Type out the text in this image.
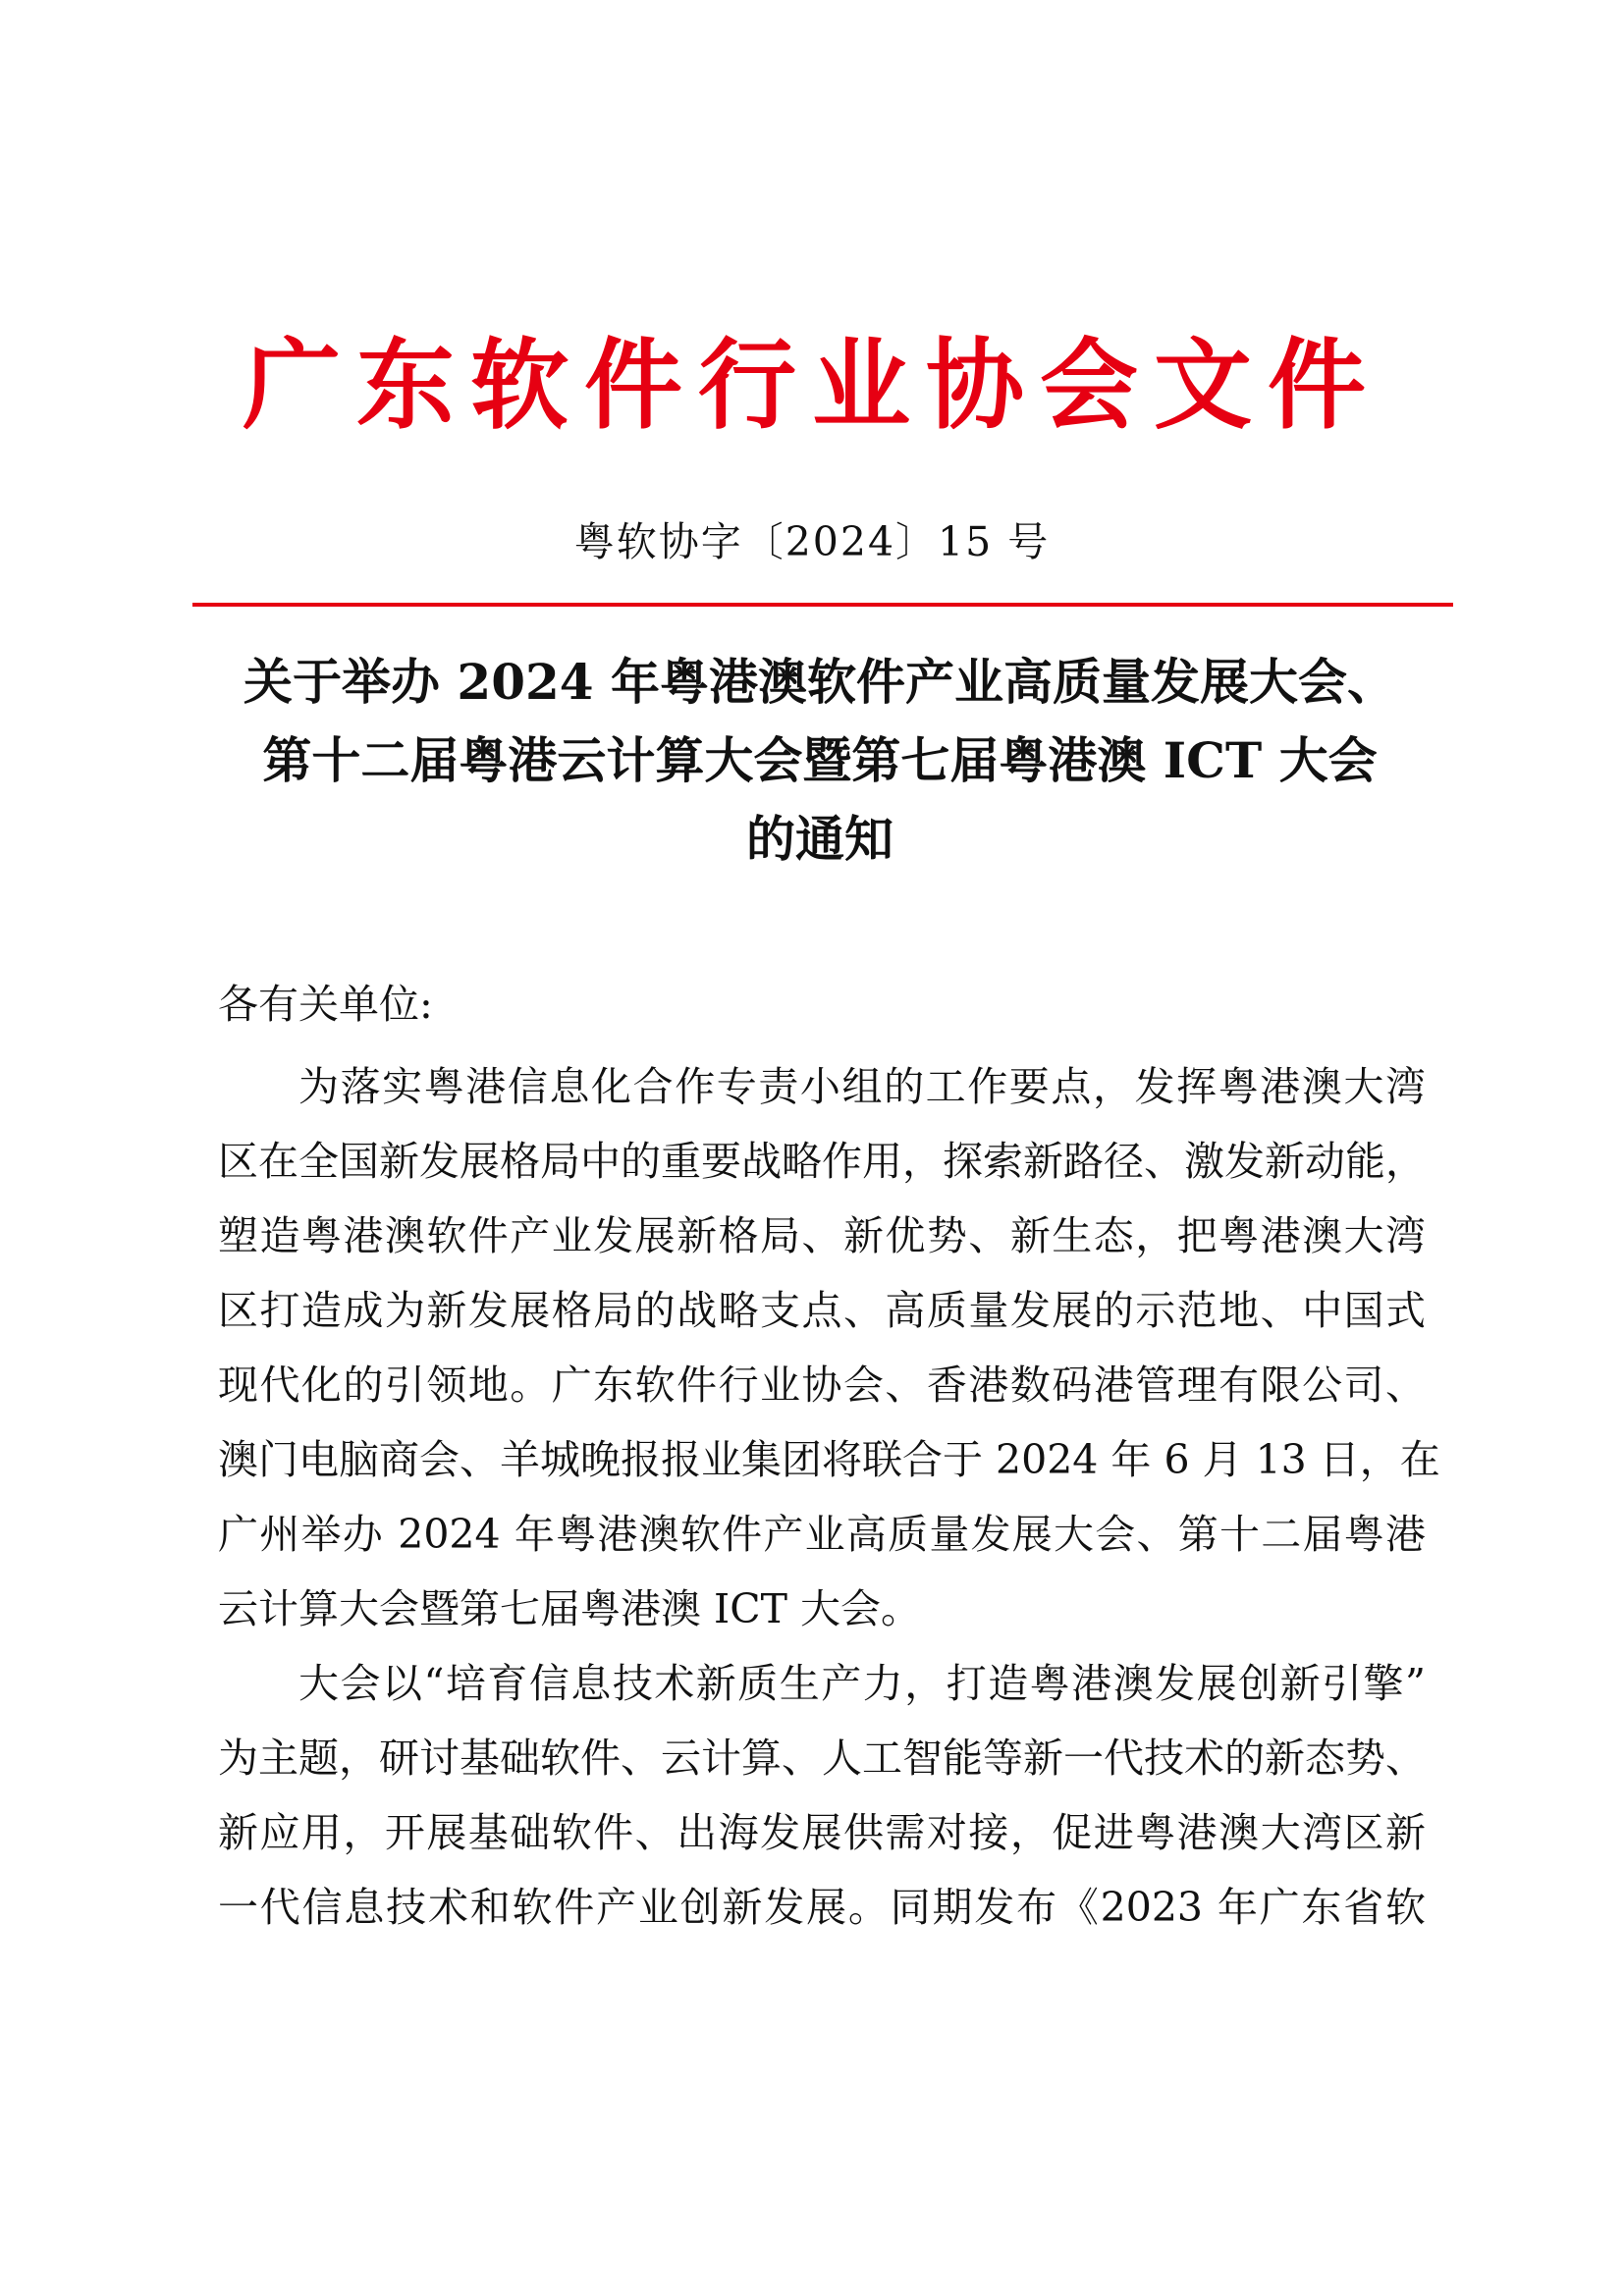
广东软件行业协会文件
粤软协字〔2024〕15 号
关于举办 2024 年粤港澳软件产业高质量发展大会、
第十二届粤港云计算大会暨第七届粤港澳 ICT 大会
的通知
各有关单位:
为落实粤港信息化合作专责小组的工作要点，发挥粤港澳大湾
区在全国新发展格局中的重要战略作用，探索新路径、激发新动能，
塑造粤港澳软件产业发展新格局、新优势、新生态，把粤港澳大湾
区打造成为新发展格局的战略支点、高质量发展的示范地、中国式
现代化的引领地。广东软件行业协会、香港数码港管理有限公司、
澳门电脑商会、羊城晚报报业集团将联合于 2024 年 6 月 13 日，在
广州举办 2024 年粤港澳软件产业高质量发展大会、第十二届粤港
云计算大会暨第七届粤港澳 ICT 大会。
大会以“培育信息技术新质生产力，打造粤港澳发展创新引擎”
为主题，研讨基础软件、云计算、人工智能等新一代技术的新态势、
新应用，开展基础软件、出海发展供需对接，促进粤港澳大湾区新
一代信息技术和软件产业创新发展。同期发布《2023 年广东省软
